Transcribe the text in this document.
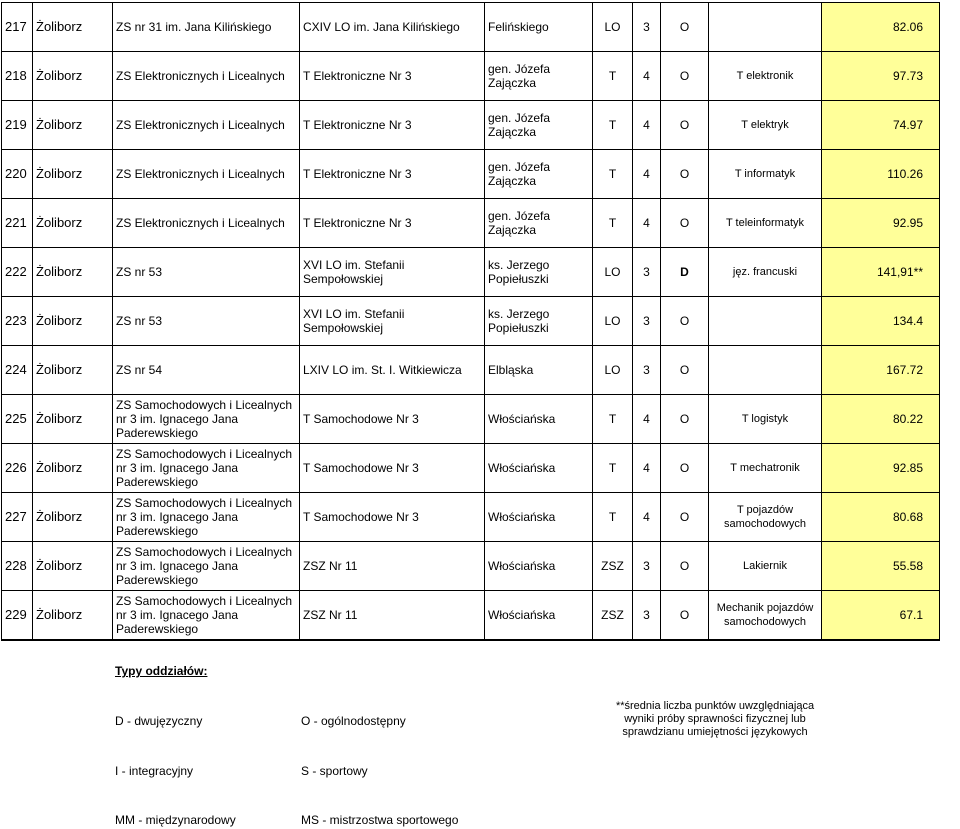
217	Żoliborz	ZS nr 31 im. Jana Kilińskiego	CXIV LO im. Jana Kilińskiego	Felińskiego	LO	3	O		82.06
218	Żoliborz	ZS Elektronicznych i Licealnych	T Elektroniczne Nr 3	gen. Józefa Zajączka	T	4	O	T elektronik	97.73
219	Żoliborz	ZS Elektronicznych i Licealnych	T Elektroniczne Nr 3	gen. Józefa Zajączka	T	4	O	T elektryk	74.97
220	Żoliborz	ZS Elektronicznych i Licealnych	T Elektroniczne Nr 3	gen. Józefa Zajączka	T	4	O	T informatyk	110.26
221	Żoliborz	ZS Elektronicznych i Licealnych	T Elektroniczne Nr 3	gen. Józefa Zajączka	T	4	O	T teleinformatyk	92.95
222	Żoliborz	ZS nr 53	XVI LO im. Stefanii Sempołowskiej	ks. Jerzego Popiełuszki	LO	3	D	jęz. francuski	141,91**
223	Żoliborz	ZS nr 53	XVI LO im. Stefanii Sempołowskiej	ks. Jerzego Popiełuszki	LO	3	O		134.4
224	Żoliborz	ZS nr 54	LXIV LO im. St. I. Witkiewicza	Elbląska	LO	3	O		167.72
225	Żoliborz	ZS Samochodowych i Licealnych nr 3 im. Ignacego Jana Paderewskiego	T Samochodowe Nr 3	Włościańska	T	4	O	T logistyk	80.22
226	Żoliborz	ZS Samochodowych i Licealnych nr 3 im. Ignacego Jana Paderewskiego	T Samochodowe Nr 3	Włościańska	T	4	O	T mechatronik	92.85
227	Żoliborz	ZS Samochodowych i Licealnych nr 3 im. Ignacego Jana Paderewskiego	T Samochodowe Nr 3	Włościańska	T	4	O	T pojazdów samochodowych	80.68
228	Żoliborz	ZS Samochodowych i Licealnych nr 3 im. Ignacego Jana Paderewskiego	ZSZ Nr 11	Włościańska	ZSZ	3	O	Lakiernik	55.58
229	Żoliborz	ZS Samochodowych i Licealnych nr 3 im. Ignacego Jana Paderewskiego	ZSZ Nr 11	Włościańska	ZSZ	3	O	Mechanik pojazdów samochodowych	67.1
Typy oddziałów:
D - dwujęzyczny	O - ogólnodostępny
**średnia liczba punktów uwzględniająca wyniki próby sprawności fizycznej lub sprawdzianu umiejętności językowych
I - integracyjny	S - sportowy
MM - międzynarodowy	MS - mistrzostwa sportowego
